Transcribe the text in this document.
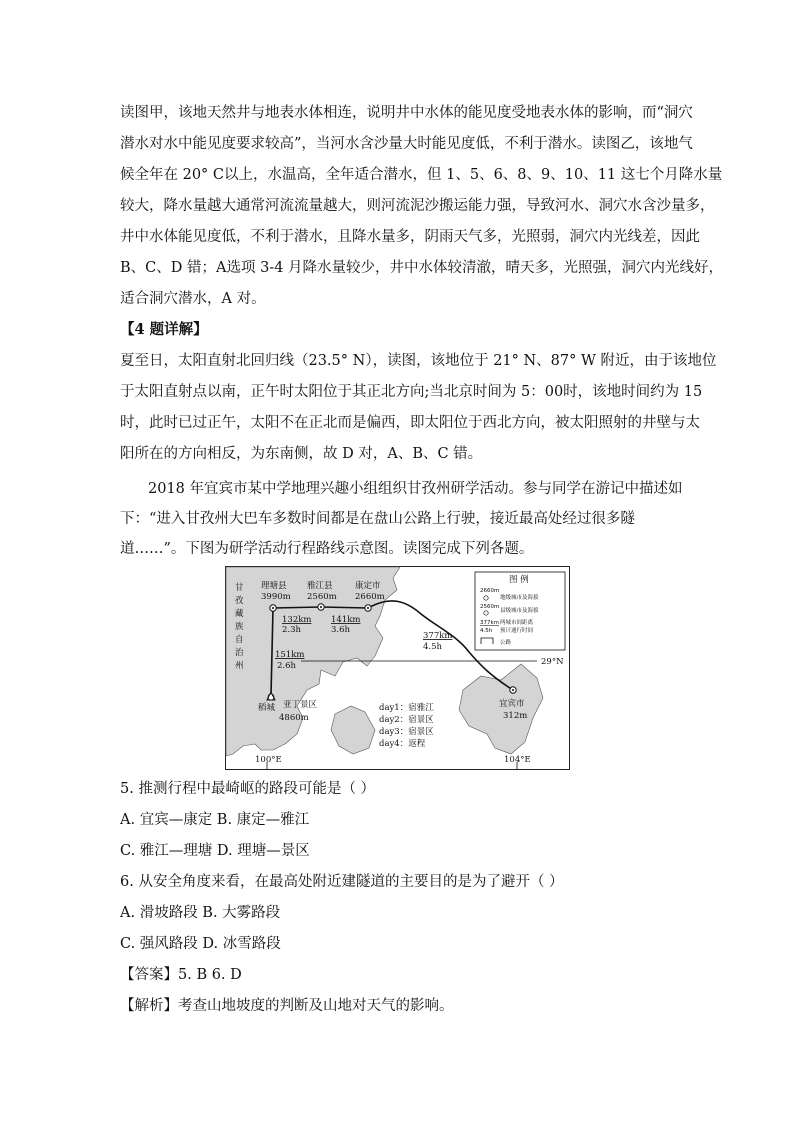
读图甲，该地天然井与地表水体相连，说明井中水体的能见度受地表水体的影响，而“洞穴
潜水对水中能见度要求较高”，当河水含沙量大时能见度低，不利于潜水。读图乙，该地气
候全年在 20° C以上，水温高，全年适合潜水，但 1、5、6、8、9、10、11 这七个月降水量
较大，降水量越大通常河流流量越大，则河流泥沙搬运能力强，导致河水、洞穴水含沙量多，
井中水体能见度低，不利于潜水，且降水量多，阴雨天气多，光照弱，洞穴内光线差，因此
B、C、D 错；A选项 3-4 月降水量较少，井中水体较清澈，晴天多，光照强，洞穴内光线好，
适合洞穴潜水，A 对。
【4 题详解】
夏至日，太阳直射北回归线（23.5° N），读图，该地位于 21° N、87° W 附近，由于该地位
于太阳直射点以南，正午时太阳位于其正北方向;当北京时间为 5：00时，该地时间约为 15
时，此时已过正午，太阳不在正北而是偏西，即太阳位于西北方向，被太阳照射的井壁与太
阳所在的方向相反，为东南侧，故 D 对，A、B、C 错。
2018 年宜宾市某中学地理兴趣小组组织甘孜州研学活动。参与同学在游记中描述如
下：“进入甘孜州大巴车多数时间都是在盘山公路上行驶，接近最高处经过很多隧
道……”。下图为研学活动行程路线示意图。读图完成下列各题。
5. 推测行程中最崎岖的路段可能是（ ）
A. 宜宾—康定 B. 康定—雅江
C. 雅江—理塘 D. 理塘—景区
6. 从安全角度来看，在最高处附近建隧道的主要目的是为了避开（ ）
A. 滑坡路段 B. 大雾路段
C. 强风路段 D. 冰雪路段
【答案】5. B 6. D
【解析】考查山地坡度的判断及山地对天气的影响。
甘
孜
藏
族
自
治
州
理塘县
3990m
雅江县
2560m
康定市
2660m
稻城 亚丁景区
4860m
宜宾市
312m
132km
2.3h
141km
3.6h
377km
4.5h
151km
2.6h
day1：宿雅江
day2：宿景区
day3：宿景区
day4：返程
29°N
100°E	104°E
图 例
2660m
地级城市及海拔
2560m
县级城市及海拔
377km 两城市间距离
4.5h 预计通行时间
公路
